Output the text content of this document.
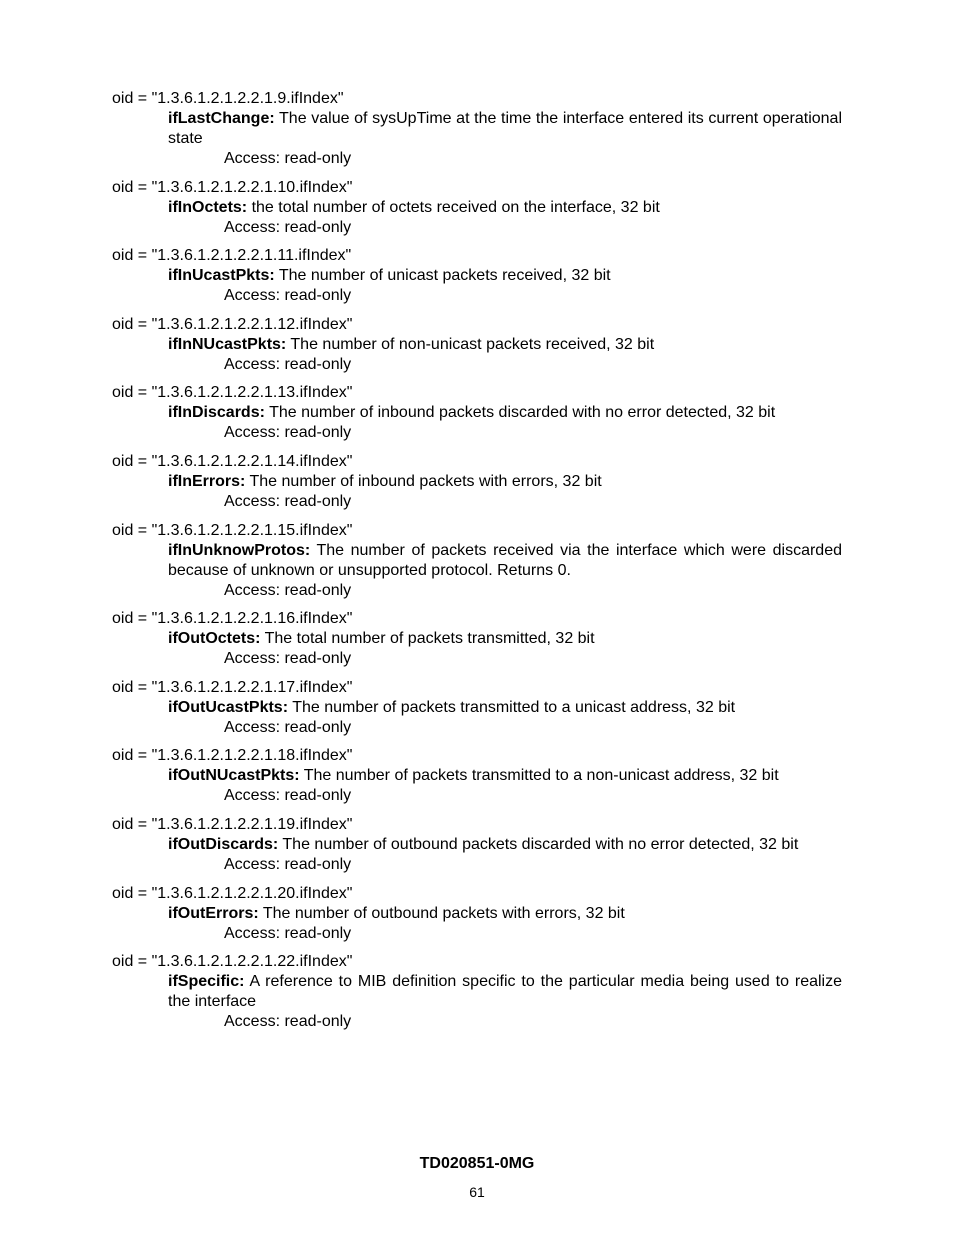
oid = "1.3.6.1.2.1.2.2.1.9.ifIndex"
ifLastChange: The value of sysUpTime at the time the interface entered its current operational state
Access: read-only
oid = "1.3.6.1.2.1.2.2.1.10.ifIndex"
ifInOctets: the total number of octets received on the interface, 32 bit
Access: read-only
oid = "1.3.6.1.2.1.2.2.1.11.ifIndex"
ifInUcastPkts: The number of unicast packets received, 32 bit
Access: read-only
oid = "1.3.6.1.2.1.2.2.1.12.ifIndex"
ifInNUcastPkts: The number of non-unicast packets received, 32 bit
Access: read-only
oid = "1.3.6.1.2.1.2.2.1.13.ifIndex"
ifInDiscards: The number of inbound packets discarded with no error detected, 32 bit
Access: read-only
oid = "1.3.6.1.2.1.2.2.1.14.ifIndex"
ifInErrors: The number of inbound packets with errors, 32 bit
Access: read-only
oid = "1.3.6.1.2.1.2.2.1.15.ifIndex"
ifInUnknowProtos: The number of packets received via the interface which were discarded because of unknown or unsupported protocol. Returns 0.
Access: read-only
oid = "1.3.6.1.2.1.2.2.1.16.ifIndex"
ifOutOctets: The total number of packets transmitted, 32 bit
Access: read-only
oid = "1.3.6.1.2.1.2.2.1.17.ifIndex"
ifOutUcastPkts: The number of packets transmitted to a unicast address, 32 bit
Access: read-only
oid = "1.3.6.1.2.1.2.2.1.18.ifIndex"
ifOutNUcastPkts: The number of packets transmitted to a non-unicast address, 32 bit
Access: read-only
oid = "1.3.6.1.2.1.2.2.1.19.ifIndex"
ifOutDiscards: The number of outbound packets discarded with no error detected, 32 bit
Access: read-only
oid = "1.3.6.1.2.1.2.2.1.20.ifIndex"
ifOutErrors: The number of outbound packets with errors, 32 bit
Access: read-only
oid = "1.3.6.1.2.1.2.2.1.22.ifIndex"
ifSpecific: A reference to MIB definition specific to the particular media being used to realize the interface
Access: read-only
TD020851-0MG
61
